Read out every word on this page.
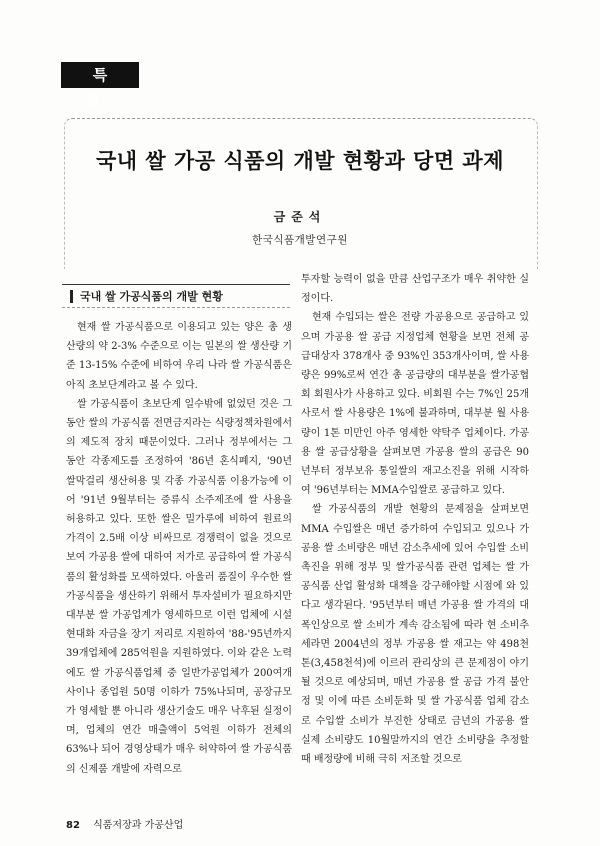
특 집
국내 쌀 가공 식품의 개발 현황과 당면 과제
금준석
한국식품개발연구원
국내 쌀 가공식품의 개발 현황

현재 쌀 가공식품으로 이용되고 있는 양은 총 생산량의 약 2-3% 수준으로 이는 일본의 쌀 생산량 기준 13-15% 수준에 비하여 우리 나라 쌀 가공식품은 아직 초보단계라고 볼 수 있다.

쌀 가공식품이 초보단계 일수밖에 없었던 것은 그 동안 쌀의 가공식품 전면금지라는 식량정책차원에서의 제도적 장치 때문이었다. 그러나 정부에서는 그 동안 각종제도를 조정하여 '86년 혼식폐지, '90년 쌀막걸리 생산허용 및 각종 가공식품 이용가능에 이어 '91년 9월부터는 증류식 소주제조에 쌀 사용을 허용하고 있다. 또한 쌀은 밀가루에 비하여 원료의 가격이 2.5배 이상 비싸므로 경쟁력이 없을 것으로 보여 가공용 쌀에 대하여 저가로 공급하여 쌀 가공식품의 활성화를 모색하였다. 아울러 품질이 우수한 쌀 가공식품을 생산하기 위해서 투자설비가 필요하지만 대부분 쌀 가공업계가 영세하므로 이런 업체에 시설 현대화 자금을 장기 저리로 지원하여 '88-'95년까지 39개업체에 285억원을 지원하였다. 이와 같은 노력에도 쌀 가공식품업체 중 일반가공업체가 200여개사이나 종업원 50명 이하가 75%나되며, 공장규모가 영세할 뿐 아니라 생산기술도 매우 낙후된 실정이며, 업체의 연간 매출액이 5억원 이하가 전체의 63%나 되어 경영상태가 매우 허약하여 쌀 가공식품의 신제품 개발에 자력으로

투자할 능력이 없을 만큼 산업구조가 매우 취약한 실정이다.

현재 수입되는 쌀은 전량 가공용으로 공급하고 있으며 가공용 쌀 공급 지정업체 현황을 보면 전체 공급대상자 378개사 중 93%인 353개사이며, 쌀 사용량은 99%로써 연간 총 공급량의 대부분을 쌀가공협회 회원사가 사용하고 있다. 비회원 수는 7%인 25개사로서 쌀 사용량은 1%에 불과하며, 대부분 월 사용량이 1톤 미만인 아주 영세한 약탁주 업체이다. 가공용 쌀 공급상황을 살펴보면 가공용 쌀의 공급은 90년부터 정부보유 통일쌀의 재고소진을 위해 시작하여 '96년부터는 MMA수입쌀로 공급하고 있다.

쌀 가공식품의 개발 현황의 문제점을 살펴보면 MMA 수입쌀은 매년 증가하여 수입되고 있으나 가공용 쌀 소비량은 매년 감소추세에 있어 수입쌀 소비촉진을 위해 정부 및 쌀가공식품 관련 업체는 쌀 가공식품 산업 활성화 대책을 강구해야할 시점에 와 있다고 생각된다. '95년부터 매년 가공용 쌀 가격의 대폭인상으로 쌀 소비가 계속 감소됨에 따라 현 소비추세라면 2004년의 정부 가공용 쌀 재고는 약 498천톤(3,458천석)에 이르러 관리상의 큰 문제점이 야기될 것으로 예상되며, 매년 가공용 쌀 공급 가격 불안정 및 이에 따른 소비둔화 및 쌀 가공식품 업체 감소로 수입쌀 소비가 부진한 상태로 금년의 가공용 쌀 실제 소비량도 10월말까지의 연간 소비량을 추정할 때 배정량에 비해 극히 저조할 것으로

82 식품저장과 가공산업
